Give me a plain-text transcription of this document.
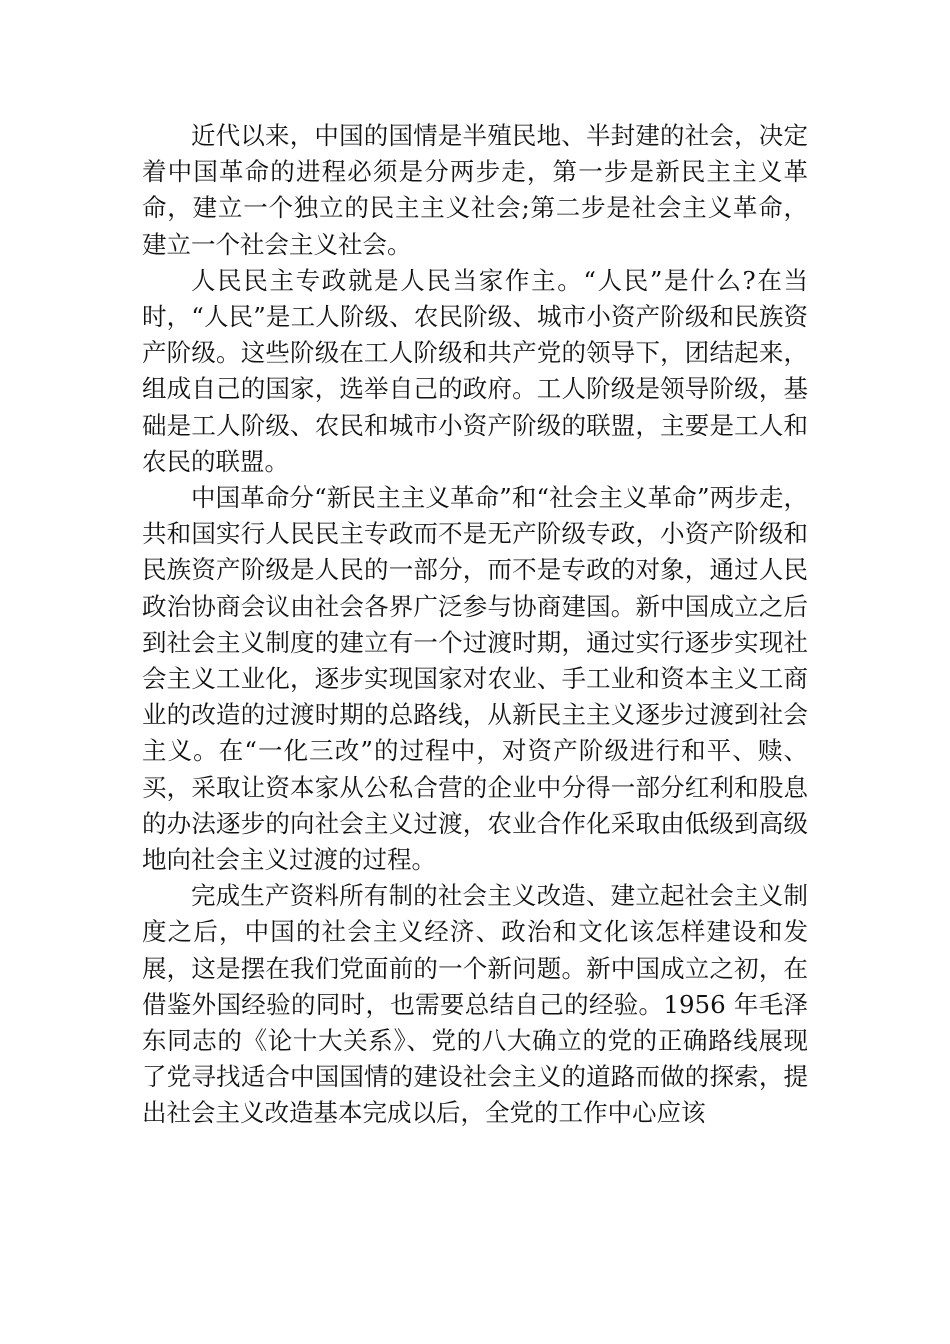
近代以来，中国的国情是半殖民地、半封建的社会，决定着中国革命的进程必须是分两步走，第一步是新民主主义革命，建立一个独立的民主主义社会;第二步是社会主义革命，建立一个社会主义社会。

人民民主专政就是人民当家作主。“人民”是什么?在当时，“人民”是工人阶级、农民阶级、城市小资产阶级和民族资产阶级。这些阶级在工人阶级和共产党的领导下，团结起来，组成自己的国家，选举自己的政府。工人阶级是领导阶级，基础是工人阶级、农民和城市小资产阶级的联盟，主要是工人和农民的联盟。

中国革命分“新民主主义革命”和“社会主义革命”两步走，共和国实行人民民主专政而不是无产阶级专政，小资产阶级和民族资产阶级是人民的一部分，而不是专政的对象，通过人民政治协商会议由社会各界广泛参与协商建国。新中国成立之后到社会主义制度的建立有一个过渡时期，通过实行逐步实现社会主义工业化，逐步实现国家对农业、手工业和资本主义工商业的改造的过渡时期的总路线，从新民主主义逐步过渡到社会主义。在“一化三改”的过程中，对资产阶级进行和平、赎、买，采取让资本家从公私合营的企业中分得一部分红利和股息的办法逐步的向社会主义过渡，农业合作化采取由低级到高级地向社会主义过渡的过程。

完成生产资料所有制的社会主义改造、建立起社会主义制度之后，中国的社会主义经济、政治和文化该怎样建设和发展，这是摆在我们党面前的一个新问题。新中国成立之初，在借鉴外国经验的同时，也需要总结自己的经验。1956 年毛泽东同志的《论十大关系》、党的八大确立的党的正确路线展现了党寻找适合中国国情的建设社会主义的道路而做的探索，提出社会主义改造基本完成以后，全党的工作中心应该
